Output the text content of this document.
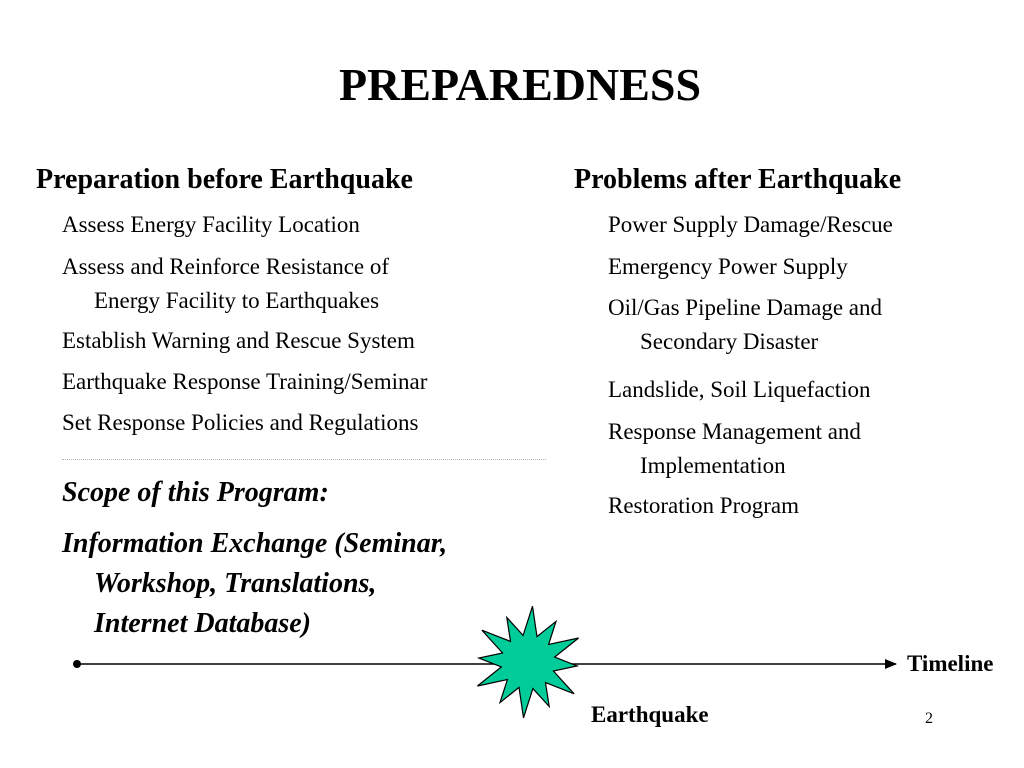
PREPAREDNESS
Preparation before Earthquake
Assess Energy Facility Location
Assess and Reinforce Resistance of
Energy Facility to Earthquakes
Establish Warning and Rescue System
Earthquake Response Training/Seminar
Set Response Policies and Regulations
Scope of this Program:
Information Exchange (Seminar,
Workshop, Translations,
Internet Database)
Problems after Earthquake
Power Supply Damage/Rescue
Emergency Power Supply
Oil/Gas Pipeline Damage and
Secondary Disaster
Landslide, Soil Liquefaction
Response Management and
Implementation
Restoration Program
Timeline
Earthquake	2
